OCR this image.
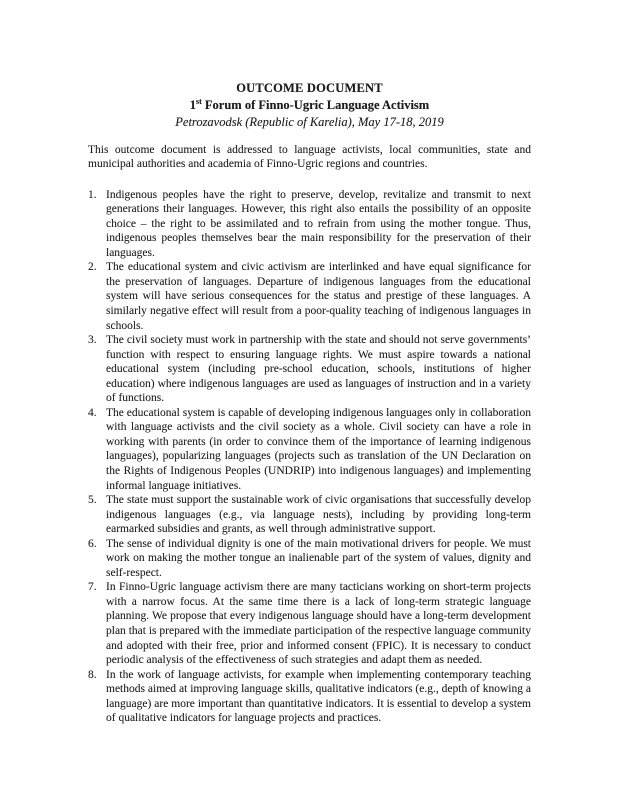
OUTCOME DOCUMENT
1st Forum of Finno-Ugric Language Activism
Petrozavodsk (Republic of Karelia), May 17-18, 2019
This outcome document is addressed to language activists, local communities, state and municipal authorities and academia of Finno-Ugric regions and countries.
1. Indigenous peoples have the right to preserve, develop, revitalize and transmit to next generations their languages. However, this right also entails the possibility of an opposite choice – the right to be assimilated and to refrain from using the mother tongue. Thus, indigenous peoples themselves bear the main responsibility for the preservation of their languages.
2. The educational system and civic activism are interlinked and have equal significance for the preservation of languages. Departure of indigenous languages from the educational system will have serious consequences for the status and prestige of these languages. A similarly negative effect will result from a poor-quality teaching of indigenous languages in schools.
3. The civil society must work in partnership with the state and should not serve governments’ function with respect to ensuring language rights. We must aspire towards a national educational system (including pre-school education, schools, institutions of higher education) where indigenous languages are used as languages of instruction and in a variety of functions.
4. The educational system is capable of developing indigenous languages only in collaboration with language activists and the civil society as a whole. Civil society can have a role in working with parents (in order to convince them of the importance of learning indigenous languages), popularizing languages (projects such as translation of the UN Declaration on the Rights of Indigenous Peoples (UNDRIP) into indigenous languages) and implementing informal language initiatives.
5. The state must support the sustainable work of civic organisations that successfully develop indigenous languages (e.g., via language nests), including by providing long-term earmarked subsidies and grants, as well through administrative support.
6. The sense of individual dignity is one of the main motivational drivers for people. We must work on making the mother tongue an inalienable part of the system of values, dignity and self-respect.
7. In Finno-Ugric language activism there are many tacticians working on short-term projects with a narrow focus. At the same time there is a lack of long-term strategic language planning. We propose that every indigenous language should have a long-term development plan that is prepared with the immediate participation of the respective language community and adopted with their free, prior and informed consent (FPIC). It is necessary to conduct periodic analysis of the effectiveness of such strategies and adapt them as needed.
8. In the work of language activists, for example when implementing contemporary teaching methods aimed at improving language skills, qualitative indicators (e.g., depth of knowing a language) are more important than quantitative indicators. It is essential to develop a system of qualitative indicators for language projects and practices.
